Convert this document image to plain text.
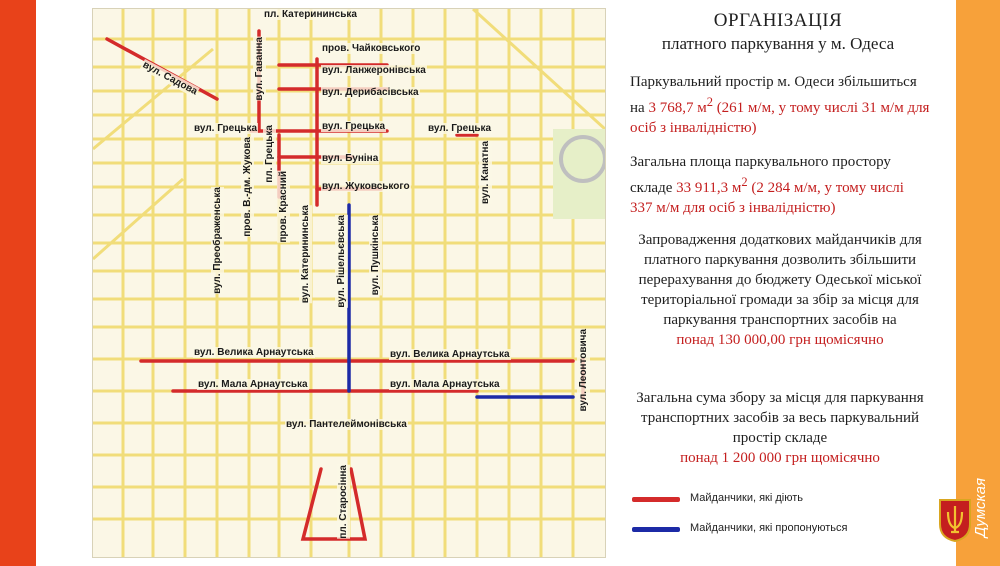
пл. Катерининська
пров. Чайковського
вул. Ланжеронівська
вул. Дерибасівська
вул. Садова	вул. Гаванна
вул. Грецька	вул. Грецька	вул. Грецька
пл. Грецька	вул. Буніна
пров. В.-дм. Жукова	пров. Красний	вул. Жуковського	вул. Канатна
вул. Преображенська	вул. Катерининська	вул. Рішельєвська вул. Пушкінська
вул. Велика Арнаутська	вул. Велика Арнаутська
вул. Мала Арнаутська	вул. Мала Арнаутська	вул. Леонтовича
вул. Пантелеймонівська
пл. Старосінна
ОРГАНІЗАЦІЯ
платного паркування у м. Одеса
Паркувальний простір м. Одеси збільшиться на 3 768,7 $м^2$ (261 м/м, у тому числі 31 м/м для осіб з інвалідністю)
Загальна площа паркувального простору складе 33 911,3 $м^2$ (2 284 м/м, у тому числі 337 м/м для осіб з інвалідністю)
Запровадження додаткових майданчиків для платного паркування дозволить збільшити перерахування до бюджету Одеської міської територіальної громади за збір за місця для паркування транспортних засобів на
понад 130 000,00 грн щомісячно
Загальна сума збору за місця для паркування транспортних засобів за весь паркувальний простір складе
понад 1 200 000 грн щомісячно
Майданчики, які діють
Майданчики, які пропонуються	Думская
